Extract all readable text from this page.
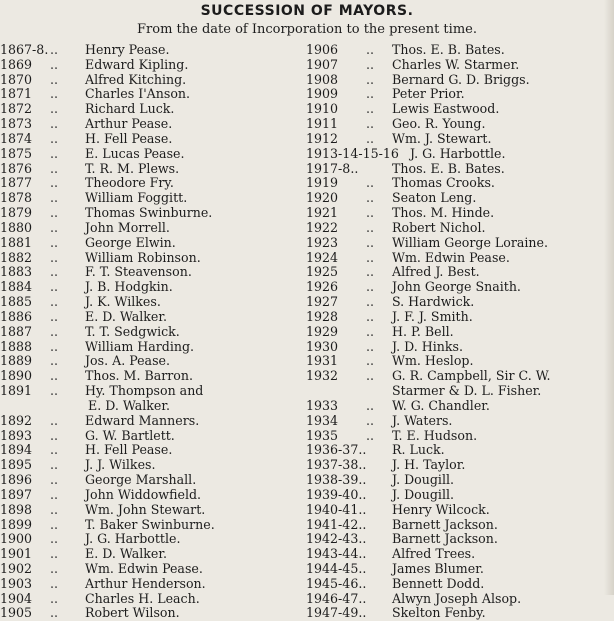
SUCCESSION OF MAYORS.
From the date of Incorporation to the present time.
1867-8. .. Henry Pease.
1869	.. Edward Kipling.
1870	.. Alfred Kitching.
1871	.. Charles I'Anson.
1872	.. Richard Luck.
1873	.. Arthur Pease.
1874	.. H. Fell Pease.
1875	.. E. Lucas Pease.
1876	.. T. R. M. Plews.
1877	.. Theodore Fry.
1878	.. William Foggitt.
1879	.. Thomas Swinburne.
1880	.. John Morrell.
1881	.. George Elwin.
1882	.. William Robinson.
1883	.. F. T. Steavenson.
1884	.. J. B. Hodgkin.
1885	.. J. K. Wilkes.
1886	.. E. D. Walker.
1887	.. T. T. Sedgwick.
1888	.. William Harding.
1889	.. Jos. A. Pease.
1890	.. Thos. M. Barron.
1891	.. Hy. Thompson and
E. D. Walker.
1892	.. Edward Manners.
1893	.. G. W. Bartlett.
1894	.. H. Fell Pease.
1895	.. J. J. Wilkes.
1896	.. George Marshall.
1897	.. John Widdowfield.
1898	.. Wm. John Stewart.
1899	.. T. Baker Swinburne.
1900	.. J. G. Harbottle.
1901	.. E. D. Walker.
1902	.. Wm. Edwin Pease.
1903	.. Arthur Henderson.
1904	.. Charles H. Leach.
1905	.. Robert Wilson.
1906	.. Thos. E. B. Bates.
1907	.. Charles W. Starmer.
1908	.. Bernard G. D. Briggs.
1909	.. Peter Prior.
1910	.. Lewis Eastwood.
1911	.. Geo. R. Young.
1912	.. Wm. J. Stewart.
1913-14-15-16 J. G. Harbottle.
1917-8..	Thos. E. B. Bates.
1919	.. Thomas Crooks.
1920	.. Seaton Leng.
1921	.. Thos. M. Hinde.
1922	.. Robert Nichol.
1923	.. William George Loraine.
1924	.. Wm. Edwin Pease.
1925	.. Alfred J. Best.
1926	.. John George Snaith.
1927	.. S. Hardwick.
1928	.. J. F. J. Smith.
1929	.. H. P. Bell.
1930	.. J. D. Hinks.
1931	.. Wm. Heslop.
1932	.. G. R. Campbell, Sir C. W.
Starmer & D. L. Fisher.
1933	.. W. G. Chandler.
1934	.. J. Waters.
1935	.. T. E. Hudson.
1936-37..	R. Luck.
1937-38..	J. H. Taylor.
1938-39..	J. Dougill.
1939-40..	J. Dougill.
1940-41..	Henry Wilcock.
1941-42..	Barnett Jackson.
1942-43..	Barnett Jackson.
1943-44..	Alfred Trees.
1944-45..	James Blumer.
1945-46..	Bennett Dodd.
1946-47..	Alwyn Joseph Alsop.
1947-49..	Skelton Fenby.
